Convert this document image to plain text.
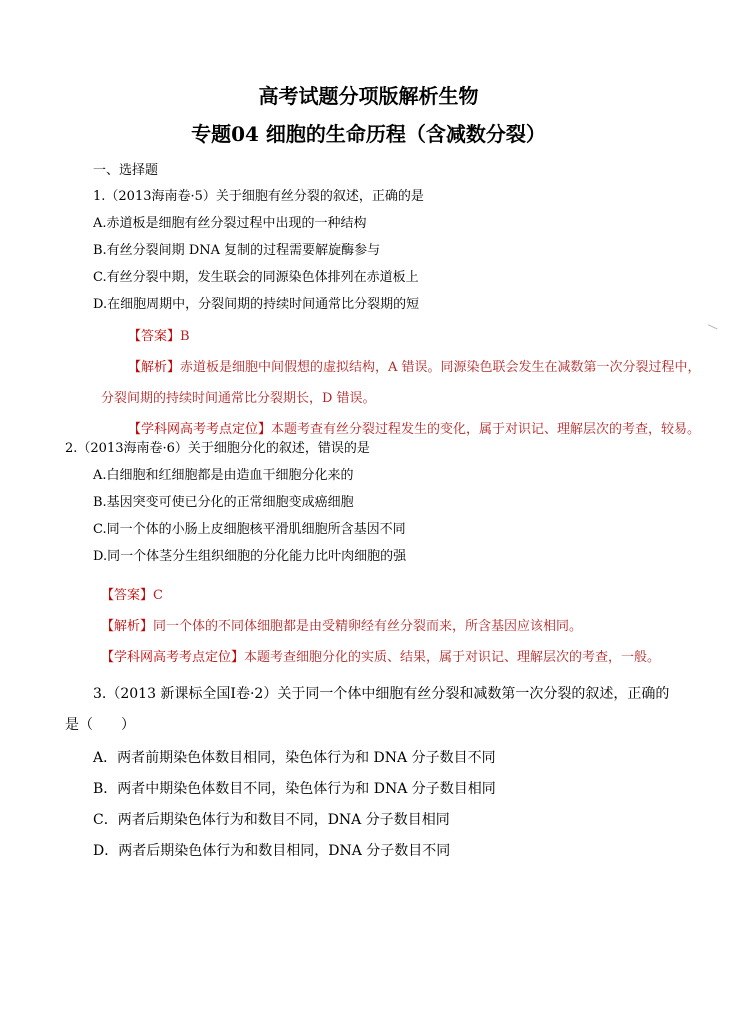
高考试题分项版解析生物
专题04 细胞的生命历程（含减数分裂）
一、选择题
1.（2013海南卷·5）关于细胞有丝分裂的叙述，正确的是
A.赤道板是细胞有丝分裂过程中出现的一种结构
B.有丝分裂间期 DNA 复制的过程需要解旋酶参与
C.有丝分裂中期，发生联会的同源染色体排列在赤道板上
D.在细胞周期中，分裂间期的持续时间通常比分裂期的短
【答案】B
【解析】赤道板是细胞中间假想的虚拟结构，A 错误。同源染色联会发生在减数第一次分裂过程中，
分裂间期的持续时间通常比分裂期长，D 错误。
【学科网高考考点定位】本题考查有丝分裂过程发生的变化，属于对识记、理解层次的考查，较易。
2.（2013海南卷·6）关于细胞分化的叙述，错误的是
A.白细胞和红细胞都是由造血干细胞分化来的
B.基因突变可使已分化的正常细胞变成癌细胞
C.同一个体的小肠上皮细胞核平滑肌细胞所含基因不同
D.同一个体茎分生组织细胞的分化能力比叶肉细胞的强
【答案】C
【解析】同一个体的不同体细胞都是由受精卵经有丝分裂而来，所含基因应该相同。
【学科网高考考点定位】本题考查细胞分化的实质、结果，属于对识记、理解层次的考查，一般。
3.（2013 新课标全国Ⅰ卷·2）关于同一个体中细胞有丝分裂和减数第一次分裂的叙述，正确的
是（　　）
A．两者前期染色体数目相同，染色体行为和 DNA 分子数目不同
B．两者中期染色体数目不同，染色体行为和 DNA 分子数目相同
C．两者后期染色体行为和数目不同，DNA 分子数目相同
D．两者后期染色体行为和数目相同，DNA 分子数目不同
